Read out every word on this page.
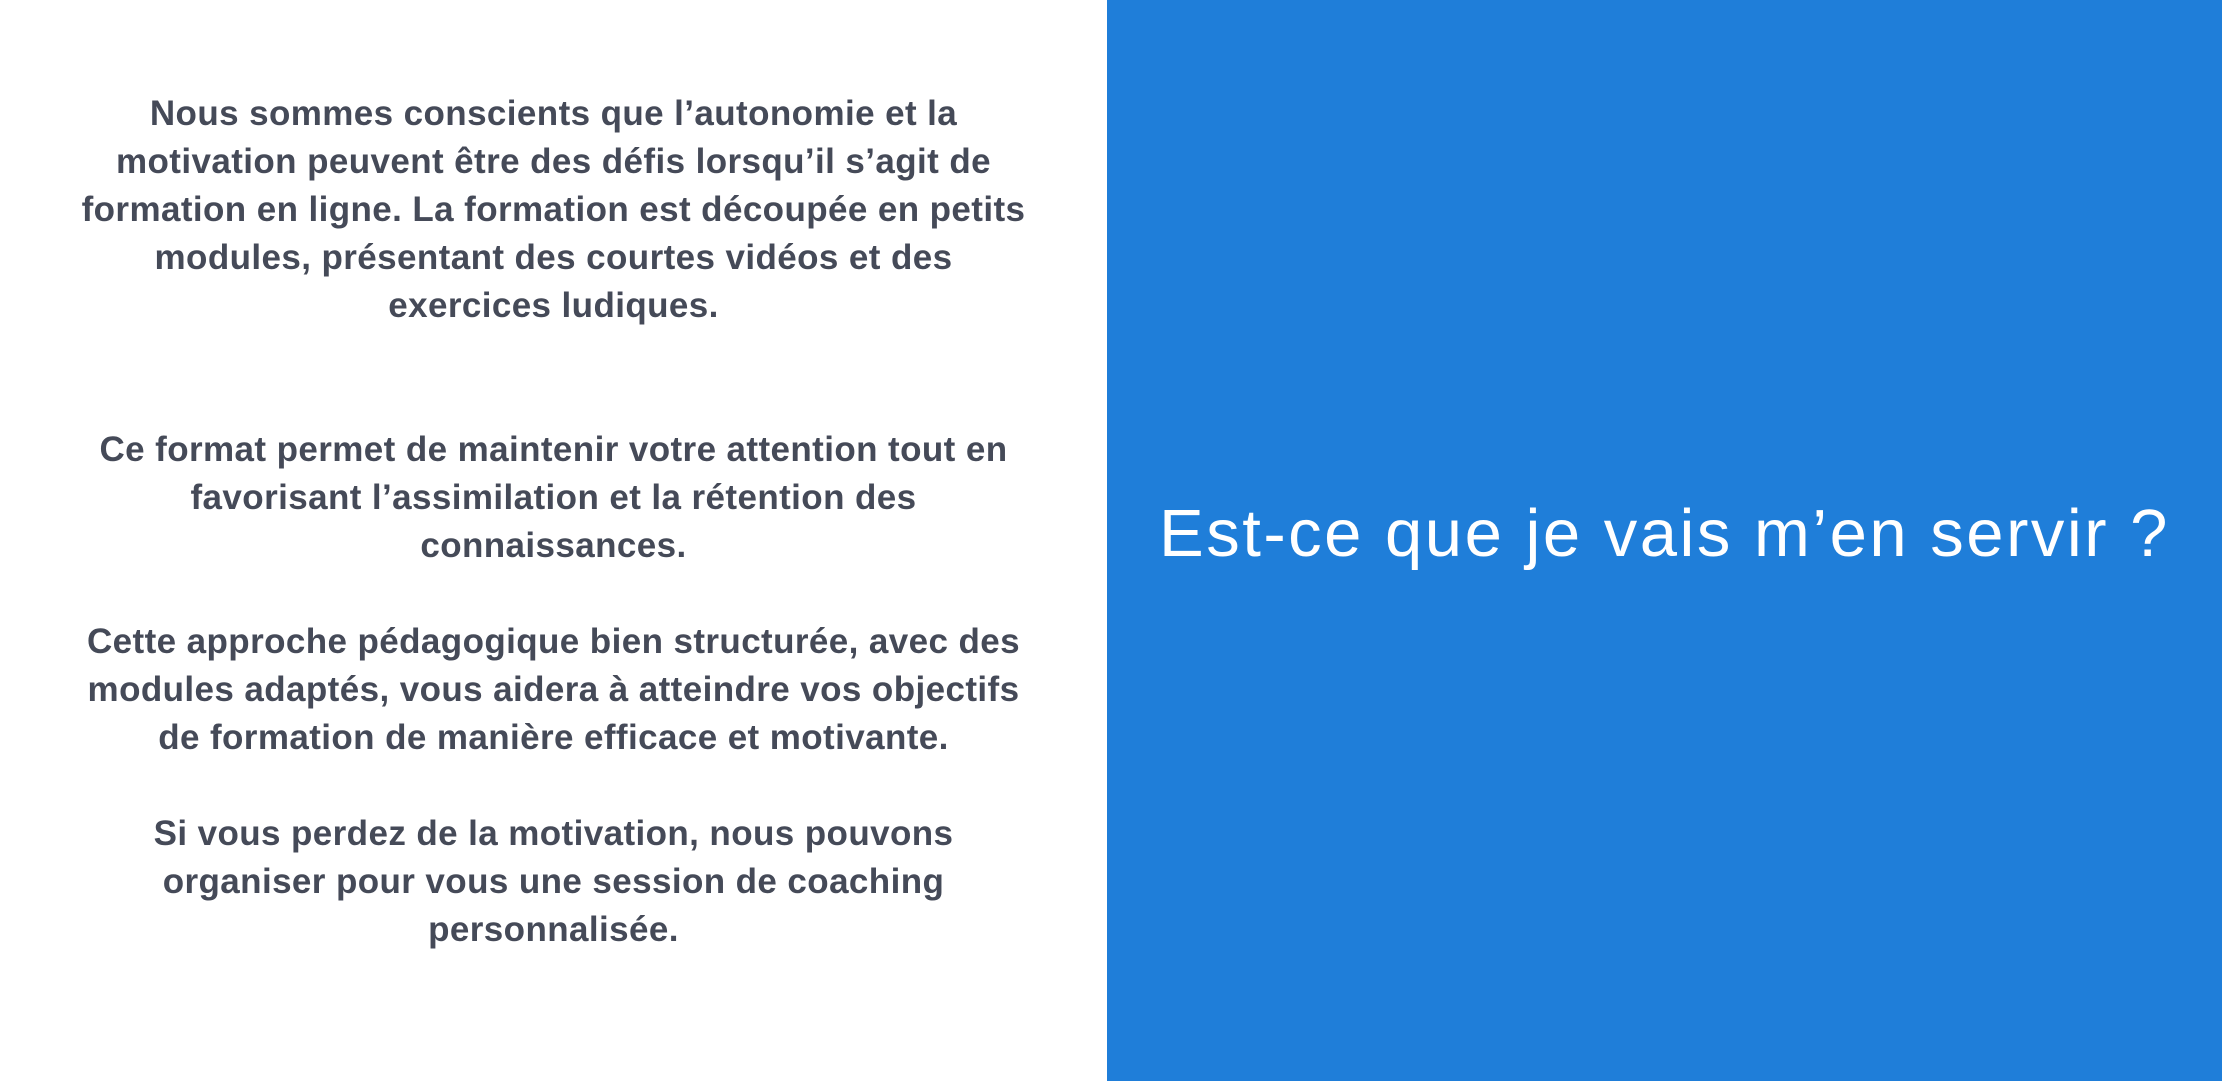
Nous sommes conscients que l’autonomie et la motivation peuvent être des défis lorsqu’il s’agit de formation en ligne. La formation est découpée en petits modules, présentant des courtes vidéos et des exercices ludiques.

Ce format permet de maintenir votre attention tout en favorisant l’assimilation et la rétention des connaissances.

Cette approche pédagogique bien structurée, avec des modules adaptés, vous aidera à atteindre vos objectifs de formation de manière efficace et motivante.

Si vous perdez de la motivation, nous pouvons organiser pour vous une session de coaching personnalisée.

Est-ce que je vais m’en servir ?
